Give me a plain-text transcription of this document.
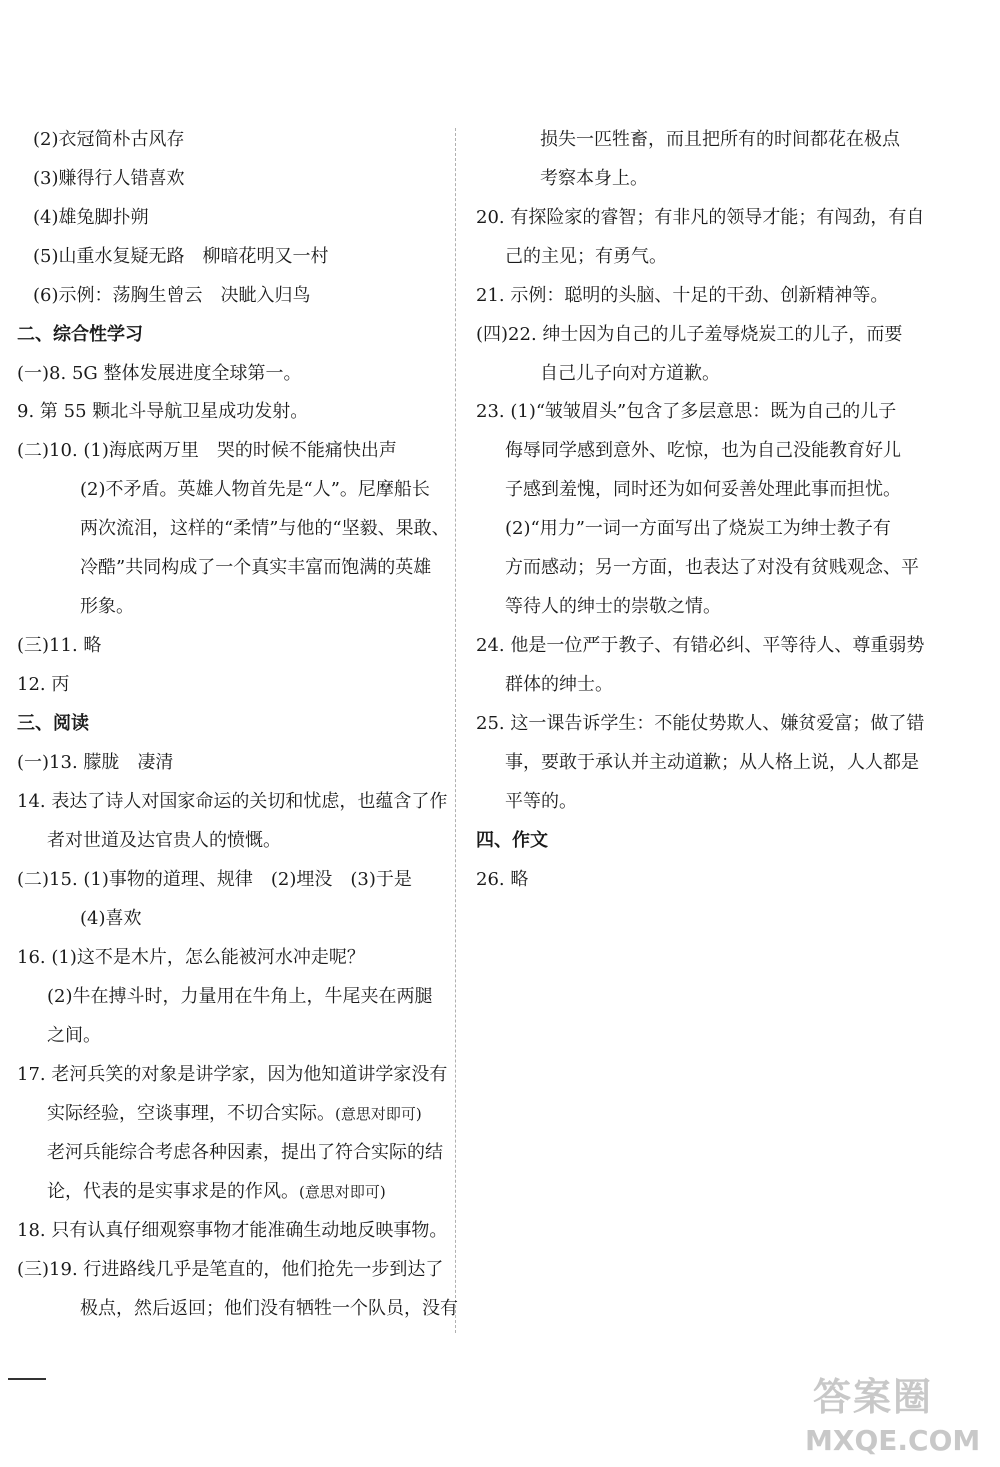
(2)衣冠简朴古风存
(3)赚得行人错喜欢
(4)雄兔脚扑朔
(5)山重水复疑无路　柳暗花明又一村
(6)示例：荡胸生曾云　决眦入归鸟
二、综合性学习
(一)8. 5G 整体发展进度全球第一。
9. 第 55 颗北斗导航卫星成功发射。
(二)10. (1)海底两万里　哭的时候不能痛快出声
(2)不矛盾。英雄人物首先是“人”。尼摩船长
两次流泪，这样的“柔情”与他的“坚毅、果敢、
冷酷”共同构成了一个真实丰富而饱满的英雄
形象。
(三)11. 略
12. 丙
三、阅读
(一)13. 朦胧　凄清
14. 表达了诗人对国家命运的关切和忧虑，也蕴含了作
者对世道及达官贵人的愤慨。
(二)15. (1)事物的道理、规律　(2)埋没　(3)于是
(4)喜欢
16. (1)这不是木片，怎么能被河水冲走呢？
(2)牛在搏斗时，力量用在牛角上，牛尾夹在两腿
之间。
17. 老河兵笑的对象是讲学家，因为他知道讲学家没有
实际经验，空谈事理，不切合实际。(意思对即可)
老河兵能综合考虑各种因素，提出了符合实际的结
论，代表的是实事求是的作风。(意思对即可)
18. 只有认真仔细观察事物才能准确生动地反映事物。
(三)19. 行进路线几乎是笔直的，他们抢先一步到达了
极点，然后返回；他们没有牺牲一个队员，没有
损失一匹牲畜，而且把所有的时间都花在极点
考察本身上。
20. 有探险家的睿智；有非凡的领导才能；有闯劲，有自
己的主见；有勇气。
21. 示例：聪明的头脑、十足的干劲、创新精神等。
(四)22. 绅士因为自己的儿子羞辱烧炭工的儿子，而要
自己儿子向对方道歉。
23. (1)“皱皱眉头”包含了多层意思：既为自己的儿子
侮辱同学感到意外、吃惊，也为自己没能教育好儿
子感到羞愧，同时还为如何妥善处理此事而担忧。
(2)“用力”一词一方面写出了烧炭工为绅士教子有
方而感动；另一方面，也表达了对没有贫贱观念、平
等待人的绅士的崇敬之情。
24. 他是一位严于教子、有错必纠、平等待人、尊重弱势
群体的绅士。
25. 这一课告诉学生：不能仗势欺人、嫌贫爱富；做了错
事，要敢于承认并主动道歉；从人格上说，人人都是
平等的。
四、作文
26. 略
答案圈
MXQE.COM
